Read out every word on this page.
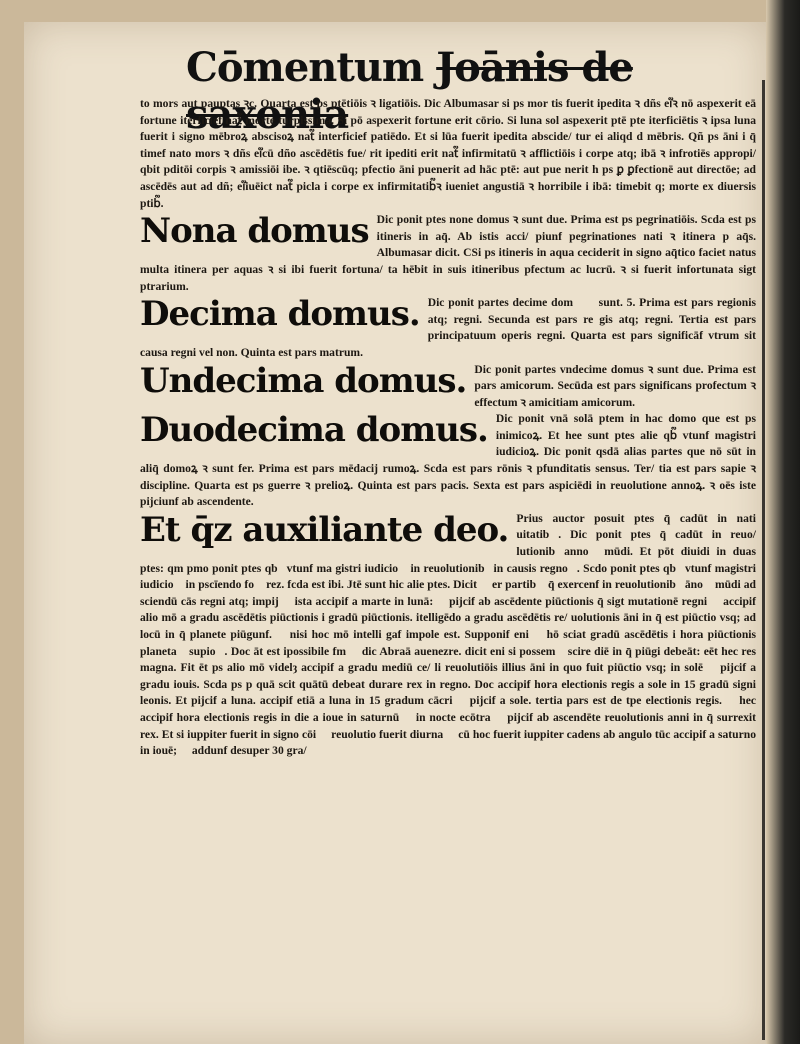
Cōmentum Joānis de saxonia

to mors aut pauptas ꝛc. Quarta est ps ptētiōis ꝛ ligatiōis. Dic Albumasar si ps mor tis fuerit ipedita ꝛ dñs ei᷑ꝛ nō aspexerit eā fortune iterficief nat᷑ morte turpissima. Si pō aspexerit fortune erit cōrio. Si luna sol aspexerit ptē pte iterficiētis ꝛ ipsa luna fuerit i signo mēbroꝝ abscisoꝝ nat᷑ interficief patiēdo. Et si lūa fuerit ipedita abscide/ tur ei aliqd d mēbris. Qñ ps āni i q̄ timef nato mors ꝛ dñs ei᷑cū dño ascēdētis fue/ rit ipediti erit nat᷑ infirmitatū ꝛ afflictiōis i corpe atq; ibā ꝛ infrotiēs appropi/ qbit pditōi corpis ꝛ amissiōi ibe. ꝛ qtiēscūq; pfectio āni puenerit ad hāc ptē: aut pue nerit h ps ꝑ ꝑfectionē aut directōe; ad ascēdēs aut ad dñ; ei᷑iuēict nat᷑ picla i corpe ex infirmitatib᷑ꝛ iueniet angustiā ꝛ horribile i ibā: timebit q; morte ex diuersis ptib᷑.

Nona domus Dic ponit ptes none domus ꝛ sunt due. Prima est ps pegrinatiōis. Scda est ps itineris in aq̄. Ab istis acci/ piunf pegrinationes nati ꝛ itinera p aq̄s. Albumasar dicit. CSi ps itineris in aqua ceciderit in signo aq̄tico faciet natus multa itinera per aquas ꝛ si ibi fuerit fortuna/ ta hēbit in suis itineribus pfectum ac lucrū. ꝛ si fuerit infortunata sigt ptrarium.

Decima domus. Dic ponit partes decime dom᷑ ꝛ sunt. 5. Prima est pars regionis atq; regni. Secunda est pars re gis atq; regni. Tertia est pars principatuum operis regni. Quarta est pars significāf vtrum sit causa regni vel non. Quinta est pars matrum.

Undecima domus. Dic ponit partes vndecime domus ꝛ sunt due. Prima est pars amicorum. Secūda est pars significans profectum ꝛ effectum ꝛ amicitiam amicorum.

Duodecima domus. Dic ponit vnā solā ptem in hac domo que est ps inimicoꝝ. Et hee sunt ptes alie qb᷑ vtunf magistri iudicioꝝ. Dic ponit qsdā alias partes que nō sūt in aliq̄ domoꝝ ꝛ sunt fer. Prima est pars mēdacij rumoꝝ. Scda est pars rōnis ꝛ pfunditatis sensus. Ter/ tia est pars sapie ꝛ discipline. Quarta est ps guerre ꝛ prelioꝝ. Quinta est pars pacis. Sexta est pars aspiciēdi in reuolutione annoꝝ. ꝛ oēs iste pijciunf ab ascendente.

Et q̄z auxiliante deo. Prius auctor posuit ptes q̄ cadūt in nati uitatib᷑. Dic ponit ptes q̄ cadūt in reuo/ lutionib᷑annoꝝ mūdi. Et pōt diuidi in duas ptes: qm pmo ponit ptes qb᷑vtunf ma gistri iudicioꝝ in reuolutionib᷑in causis regnoꝝ. Scdo ponit ptes qb᷑vtunf magistri iudicioꝝ in pscīendo foꝝ rez. fcda est ibi. Jtē sunt hic alie ptes. Dicit ꝙ er partib᷑ q̄ exercenf in reuolutionib᷑ānoꝝ mūdi ad sciendū cās regni atq; impij ꝛ ista accipif a marte in lunā: ꝛ pijcif ab ascēdente piūctionis q̄ sigt mutationē regni ꝛ accipif alio mō a gradu ascēdētis piūctionis i gradū piūctionis. itelligēdo a gradu ascēdētis re/ uolutionis āni in q̄ est piūctio vsq; ad locū in q̄ planete piūgunf. ꝛ nisi hoc mō intelli gaf impole est. Supponif eni ꝙ hō sciat gradū ascēdētis i hora piūctionis planetaꝝ supioꝝ. Doc āt est ipossibile fm ꝙ dic Abraā auenezre. dicit eni si possem᷑ scire diē in q̄ piūgi debeāt: eēt hec res magna. Fit ēt ps alio mō videlȝ accipif a gradu mediū ce/ li reuolutiōis illius āni in quo fuit piūctio vsq; in solē ꝛ pijcif a gradu iouis. Scda ps p quā scit quātū debeat durare rex in regno. Doc accipif hora electionis regis a sole in 15 gradū signi leonis. Et pijcif a luna. accipif etiā a luna in 15 gradum cācri ꝛ pijcif a sole. tertia pars est de tpe electionis regis. ꝛ hec accipif hora electionis regis in die a ioue in saturnū ꝛ in nocte ecōtra ꝛ pijcif ab ascendēte reuolutionis anni in q̄ surrexit rex. Et si iuppiter fuerit in signo cōi ꝛ reuolutio fuerit diurna ꝛ cū hoc fuerit iuppiter cadens ab angulo tūc accipif a saturno in iouē; ꝛ addunf desuper 30 gra/
